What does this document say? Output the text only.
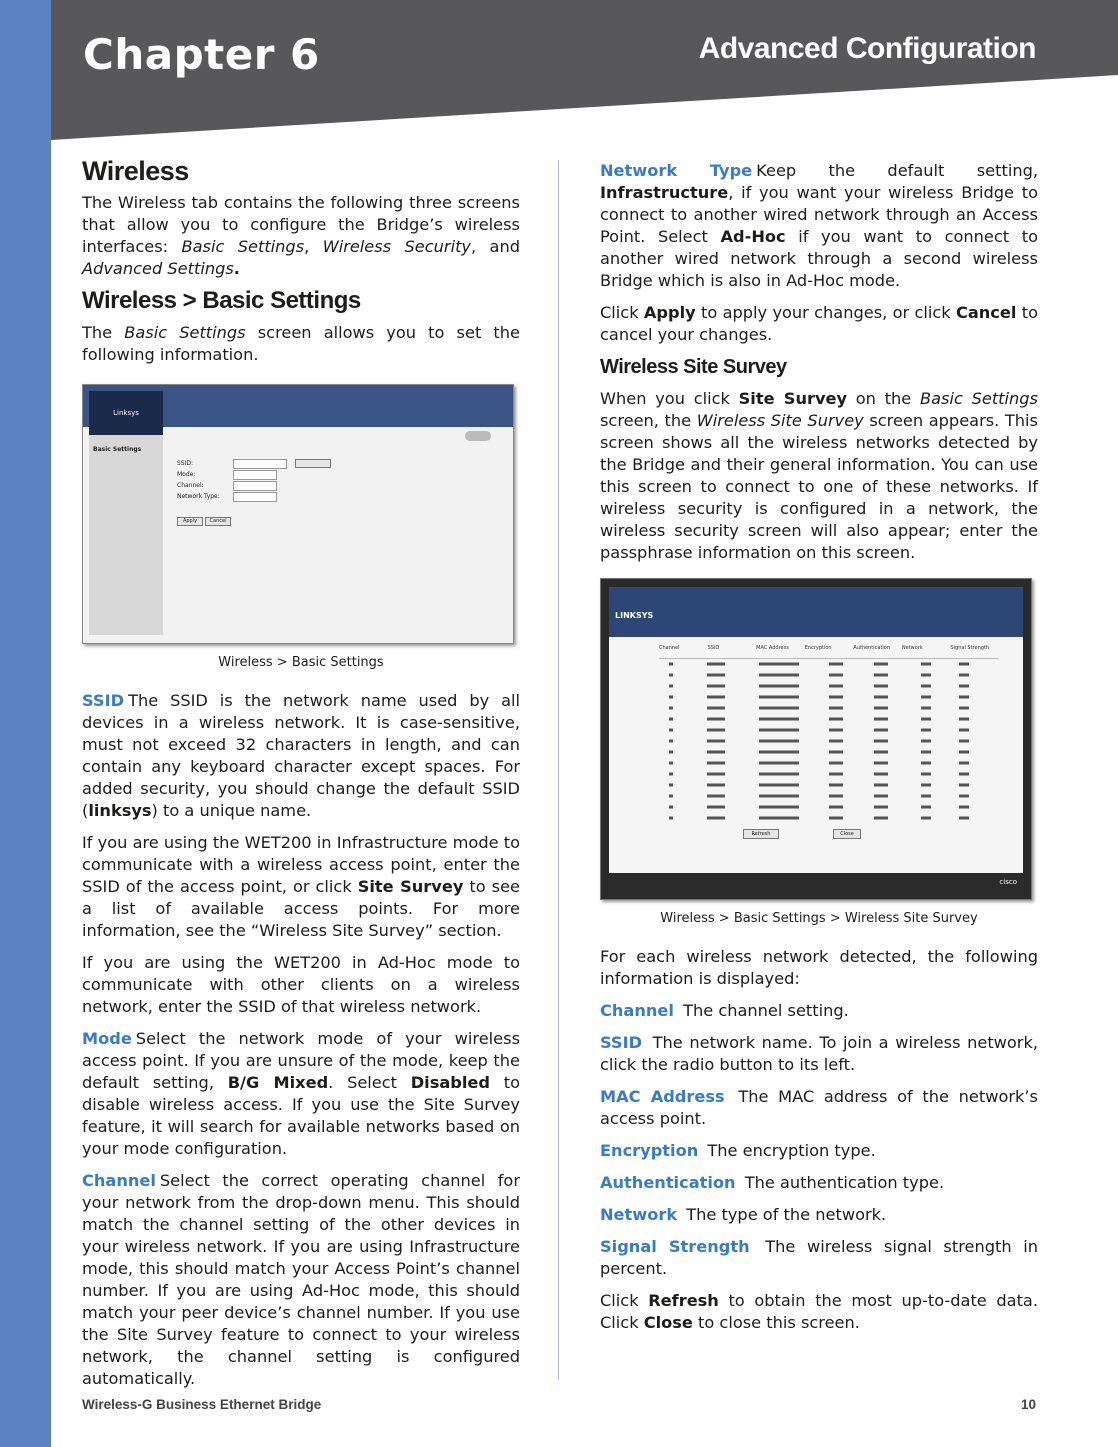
Chapter 6	Advanced Configuration
Wireless

The Wireless tab contains the following three screens that allow you to configure the Bridge’s wireless interfaces: Basic Settings, Wireless Security, and Advanced Settings.

Wireless > Basic Settings

The Basic Settings screen allows you to set the following information.

Linksys
Basic Settings
SSID:
Mode:
Channel:
Network Type:
Apply	Cancel
Wireless > Basic Settings

SSID The SSID is the network name used by all devices in a wireless network. It is case-sensitive, must not exceed 32 characters in length, and can contain any keyboard character except spaces. For added security, you should change the default SSID (linksys) to a unique name.

If you are using the WET200 in Infrastructure mode to communicate with a wireless access point, enter the SSID of the access point, or click Site Survey to see a list of available access points. For more information, see the “Wireless Site Survey” section.

If you are using the WET200 in Ad-Hoc mode to communicate with other clients on a wireless network, enter the SSID of that wireless network.

Mode Select the network mode of your wireless access point. If you are unsure of the mode, keep the default setting, B/G Mixed. Select Disabled to disable wireless access. If you use the Site Survey feature, it will search for available networks based on your mode configuration.

Channel Select the correct operating channel for your network from the drop-down menu. This should match the channel setting of the other devices in your wireless network. If you are using Infrastructure mode, this should match your Access Point’s channel number. If you are using Ad-Hoc mode, this should match your peer device’s channel number. If you use the Site Survey feature to connect to your wireless network, the channel setting is configured automatically.

Network Type Keep the default setting, Infrastructure, if you want your wireless Bridge to connect to another wired network through an Access Point. Select Ad-Hoc if you want to connect to another wired network through a second wireless Bridge which is also in Ad-Hoc mode.

Click Apply to apply your changes, or click Cancel to cancel your changes.

Wireless Site Survey

When you click Site Survey on the Basic Settings screen, the Wireless Site Survey screen appears. This screen shows all the wireless networks detected by the Bridge and their general information. You can use this screen to connect to one of these networks. If wireless security is configured in a network, the wireless security screen will also appear; enter the passphrase information on this screen.

LINKSYS
Channel	SSID	MAC Address	Encryption	Authentication	Network	Signal Strength
Refresh	Close
cisco
Wireless > Basic Settings > Wireless Site Survey

For each wireless network detected, the following information is displayed:

Channel The channel setting.

SSID The network name. To join a wireless network, click the radio button to its left.

MAC Address The MAC address of the network’s access point.

Encryption The encryption type.

Authentication The authentication type.

Network The type of the network.

Signal Strength The wireless signal strength in percent.

Click Refresh to obtain the most up-to-date data. Click Close to close this screen.

Wireless-G Business Ethernet Bridge	10
